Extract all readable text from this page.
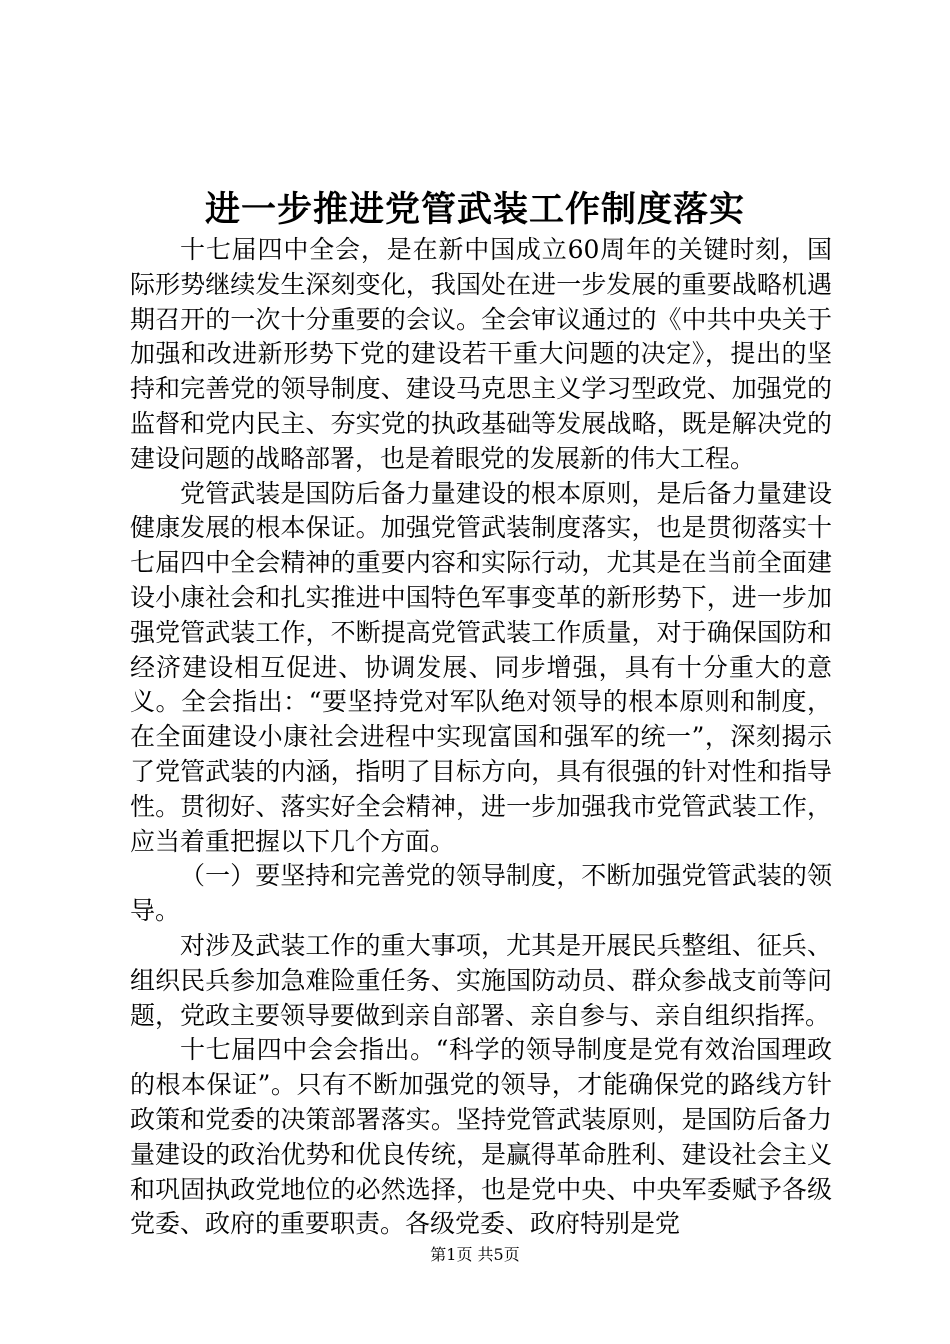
进一步推进党管武装工作制度落实

十七届四中全会，是在新中国成立60周年的关键时刻，国际形势继续发生深刻变化，我国处在进一步发展的重要战略机遇期召开的一次十分重要的会议。全会审议通过的《中共中央关于加强和改进新形势下党的建设若干重大问题的决定》，提出的坚持和完善党的领导制度、建设马克思主义学习型政党、加强党的监督和党内民主、夯实党的执政基础等发展战略，既是解决党的建设问题的战略部署，也是着眼党的发展新的伟大工程。

党管武装是国防后备力量建设的根本原则，是后备力量建设健康发展的根本保证。加强党管武装制度落实，也是贯彻落实十七届四中全会精神的重要内容和实际行动，尤其是在当前全面建设小康社会和扎实推进中国特色军事变革的新形势下，进一步加强党管武装工作，不断提高党管武装工作质量，对于确保国防和经济建设相互促进、协调发展、同步增强，具有十分重大的意义。全会指出：“要坚持党对军队绝对领导的根本原则和制度，在全面建设小康社会进程中实现富国和强军的统一”，深刻揭示了党管武装的内涵，指明了目标方向，具有很强的针对性和指导性。贯彻好、落实好全会精神，进一步加强我市党管武装工作，应当着重把握以下几个方面。

（一）要坚持和完善党的领导制度，不断加强党管武装的领导。

对涉及武装工作的重大事项，尤其是开展民兵整组、征兵、组织民兵参加急难险重任务、实施国防动员、群众参战支前等问题，党政主要领导要做到亲自部署、亲自参与、亲自组织指挥。

十七届四中会会指出。“科学的领导制度是党有效治国理政的根本保证”。只有不断加强党的领导，才能确保党的路线方针政策和党委的决策部署落实。坚持党管武装原则，是国防后备力量建设的政治优势和优良传统，是赢得革命胜利、建设社会主义和巩固执政党地位的必然选择，也是党中央、中央军委赋予各级党委、政府的重要职责。各级党委、政府特别是党

第1页 共5页
